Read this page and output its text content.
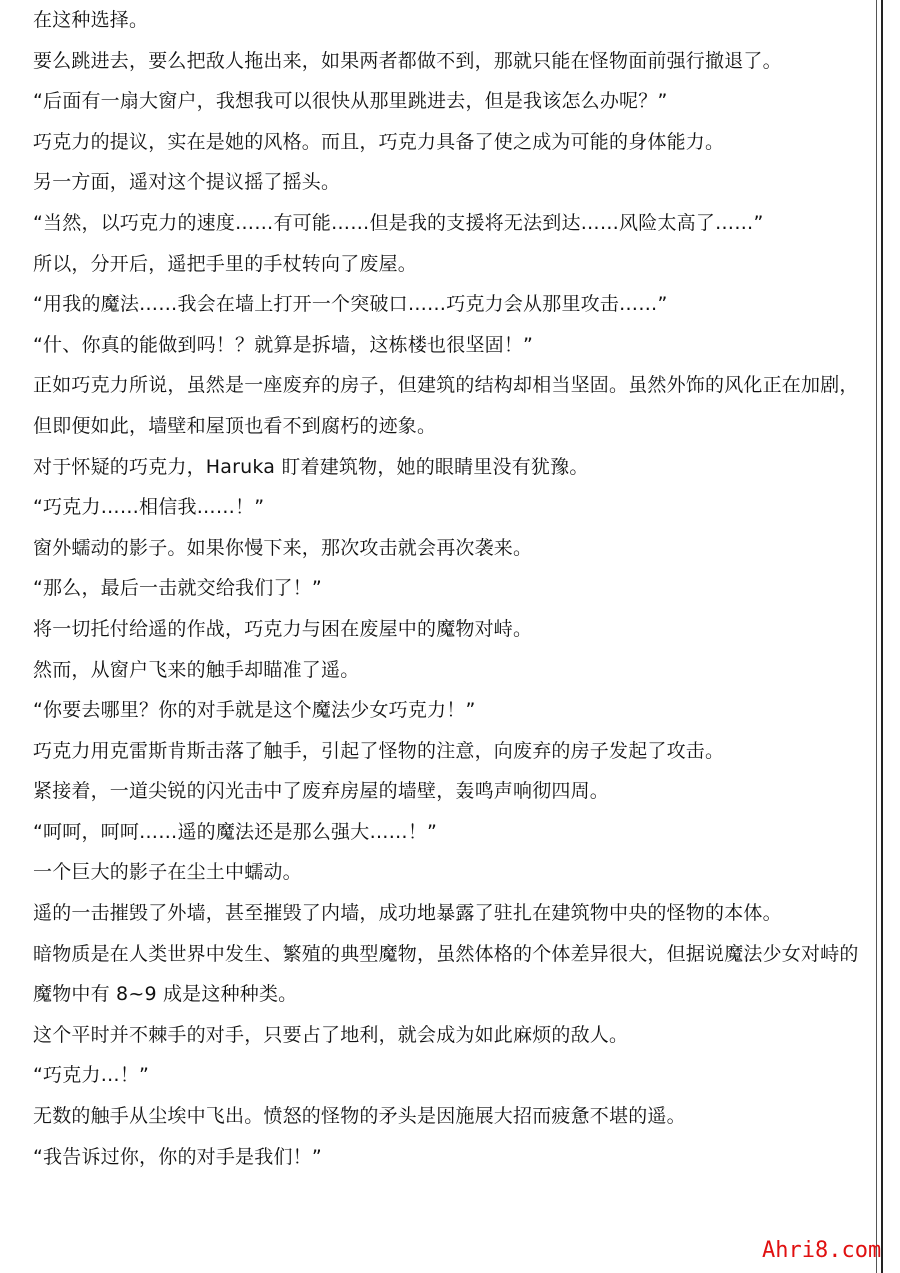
在这种选择。

要么跳进去，要么把敌人拖出来，如果两者都做不到，那就只能在怪物面前强行撤退了。

“后面有一扇大窗户，我想我可以很快从那里跳进去，但是我该怎么办呢？”

巧克力的提议，实在是她的风格。而且，巧克力具备了使之成为可能的身体能力。

另一方面，遥对这个提议摇了摇头。

“当然，以巧克力的速度……有可能……但是我的支援将无法到达……风险太高了……”

所以，分开后，遥把手里的手杖转向了废屋。

“用我的魔法……我会在墙上打开一个突破口……巧克力会从那里攻击……”

“什、你真的能做到吗！？就算是拆墙，这栋楼也很坚固！”

正如巧克力所说，虽然是一座废弃的房子，但建筑的结构却相当坚固。虽然外饰的风化正在加剧，但即便如此，墙壁和屋顶也看不到腐朽的迹象。

对于怀疑的巧克力，Haruka 盯着建筑物，她的眼睛里没有犹豫。

“巧克力……相信我……！”

窗外蠕动的影子。如果你慢下来，那次攻击就会再次袭来。

“那么，最后一击就交给我们了！”

将一切托付给遥的作战，巧克力与困在废屋中的魔物对峙。

然而，从窗户飞来的触手却瞄准了遥。

“你要去哪里？你的对手就是这个魔法少女巧克力！”

巧克力用克雷斯肯斯击落了触手，引起了怪物的注意，向废弃的房子发起了攻击。

紧接着，一道尖锐的闪光击中了废弃房屋的墙壁，轰鸣声响彻四周。

“呵呵，呵呵……遥的魔法还是那么强大……！”

一个巨大的影子在尘土中蠕动。

遥的一击摧毁了外墙，甚至摧毁了内墙，成功地暴露了驻扎在建筑物中央的怪物的本体。

暗物质是在人类世界中发生、繁殖的典型魔物，虽然体格的个体差异很大，但据说魔法少女对峙的魔物中有 8~9 成是这种种类。

这个平时并不棘手的对手，只要占了地利，就会成为如此麻烦的敌人。

“巧克力…！”

无数的触手从尘埃中飞出。愤怒的怪物的矛头是因施展大招而疲惫不堪的遥。

“我告诉过你，你的对手是我们！”

Ahri8.com
